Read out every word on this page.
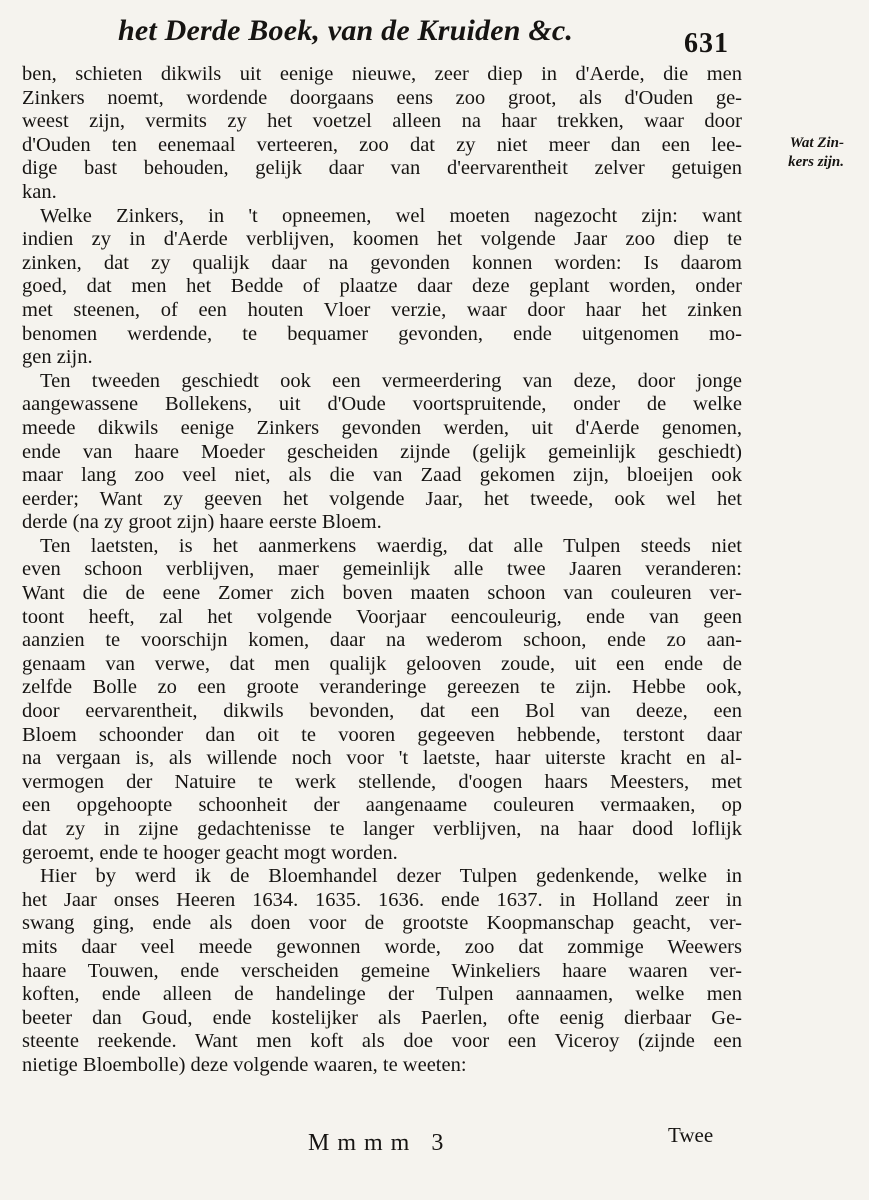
het Derde Boek, van de Kruiden &c.	631
ben, schieten dikwils uit eenige nieuwe, zeer diep in d'Aerde, die men
Zinkers noemt, wordende doorgaans eens zoo groot, als d'Ouden ge-
weest zijn, vermits zy het voetzel alleen na haar trekken, waar door
d'Ouden ten eenemaal verteeren, zoo dat zy niet meer dan een lee-
dige bast behouden, gelijk daar van d'eervarentheit zelver getuigen
kan.
Welke Zinkers, in 't opneemen, wel moeten nagezocht zijn: want
indien zy in d'Aerde verblijven, koomen het volgende Jaar zoo diep te
zinken, dat zy qualijk daar na gevonden konnen worden: Is daarom
goed, dat men het Bedde of plaatze daar deze geplant worden, onder
met steenen, of een houten Vloer verzie, waar door haar het zinken
benomen werdende, te bequamer gevonden, ende uitgenomen mo-
gen zijn.
Ten tweeden geschiedt ook een vermeerdering van deze, door jonge
aangewassene Bollekens, uit d'Oude voortspruitende, onder de welke
meede dikwils eenige Zinkers gevonden werden, uit d'Aerde genomen,
ende van haare Moeder gescheiden zijnde (gelijk gemeinlijk geschiedt)
maar lang zoo veel niet, als die van Zaad gekomen zijn, bloeijen ook
eerder; Want zy geeven het volgende Jaar, het tweede, ook wel het
derde (na zy groot zijn) haare eerste Bloem.
Ten laetsten, is het aanmerkens waerdig, dat alle Tulpen steeds niet
even schoon verblijven, maer gemeinlijk alle twee Jaaren veranderen:
Want die de eene Zomer zich boven maaten schoon van couleuren ver-
toont heeft, zal het volgende Voorjaar eencouleurig, ende van geen
aanzien te voorschijn komen, daar na wederom schoon, ende zo aan-
genaam van verwe, dat men qualijk gelooven zoude, uit een ende de
zelfde Bolle zo een groote veranderinge gereezen te zijn. Hebbe ook,
door eervarentheit, dikwils bevonden, dat een Bol van deeze, een
Bloem schoonder dan oit te vooren gegeeven hebbende, terstont daar
na vergaan is, als willende noch voor 't laetste, haar uiterste kracht en al-
vermogen der Natuire te werk stellende, d'oogen haars Meesters, met
een opgehoopte schoonheit der aangenaame couleuren vermaaken, op
dat zy in zijne gedachtenisse te langer verblijven, na haar dood loflijk
geroemt, ende te hooger geacht mogt worden.
Hier by werd ik de Bloemhandel dezer Tulpen gedenkende, welke in
het Jaar onses Heeren 1634. 1635. 1636. ende 1637. in Holland zeer in
swang ging, ende als doen voor de grootste Koopmanschap geacht, ver-
mits daar veel meede gewonnen worde, zoo dat zommige Weewers
haare Touwen, ende verscheiden gemeine Winkeliers haare waaren ver-
koften, ende alleen de handelinge der Tulpen aannaamen, welke men
beeter dan Goud, ende kostelijker als Paerlen, ofte eenig dierbaar Ge-
steente reekende. Want men koft als doe voor een Viceroy (zijnde een
nietige Bloembolle) deze volgende waaren, te weeten:
Wat Zin-
kers zijn.
Mmmm 3	Twee
